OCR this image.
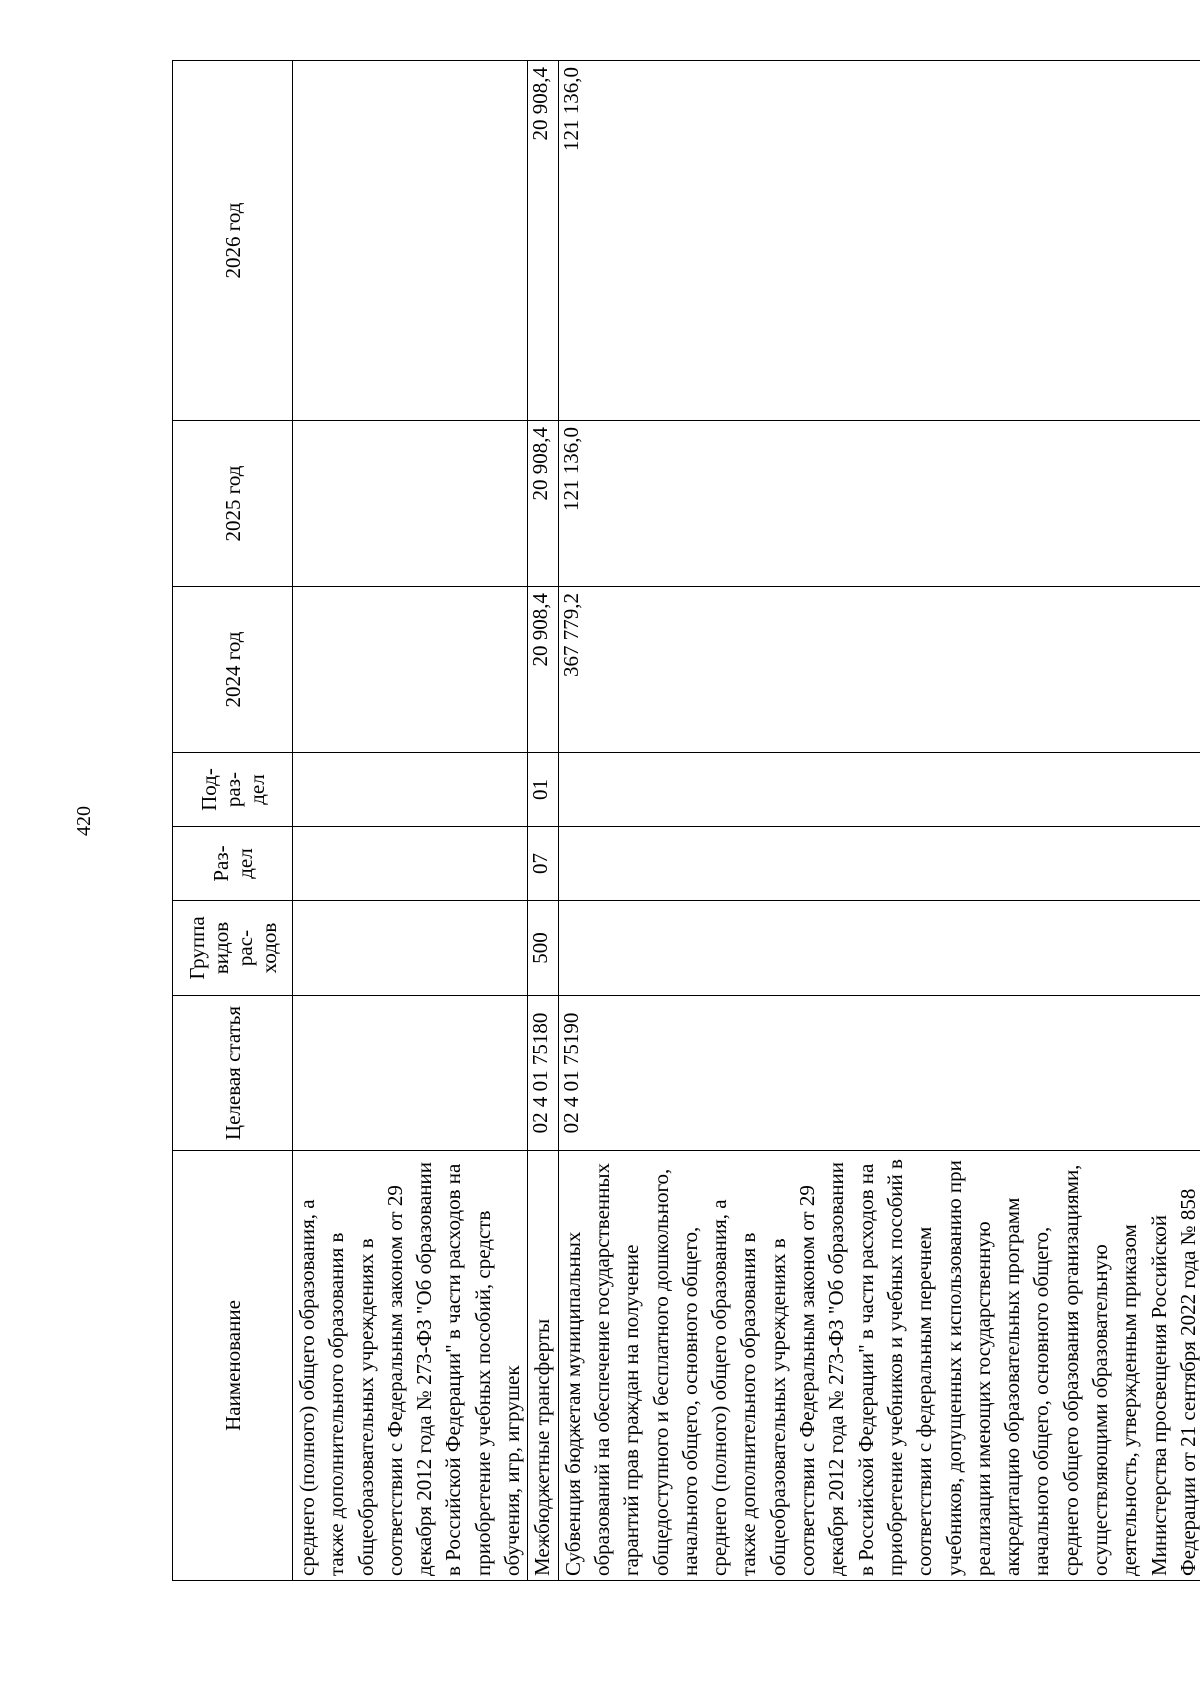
420
Наименование	Целевая статья	Группа видов рас-ходов	Раз-дел	Под-раз-дел	2024 год	2025 год	2026 год
среднего (полного) общего образования, а также дополнительного образования в общеобразовательных учреждениях в соответствии с Федеральным законом от 29 декабря 2012 года № 273-ФЗ "Об образовании в Российской Федерации" в части расходов на приобретение учебных пособий, средств обучения, игр, игрушек							
Межбюджетные трансферты	02 4 01 75180	500	07	01	20 908,4	20 908,4	20 908,4
Субвенция бюджетам муниципальных образований на обеспечение государственных гарантий прав граждан на получение общедоступного и бесплатного дошкольного, начального общего, основного общего, среднего (полного) общего образования, а также дополнительного образования в общеобразовательных учреждениях в соответствии с Федеральным законом от 29 декабря 2012 года № 273-ФЗ "Об образовании в Российской Федерации" в части расходов на приобретение учебников и учебных пособий в соответствии с федеральным перечнем учебников, допущенных к использованию при реализации имеющих государственную аккредитацию образовательных программ начального общего, основного общего, среднего общего образования организациями, осуществляющими образовательную деятельность, утвержденным приказом Министерства просвещения Российской Федерации от 21 сентября 2022 года № 858	02 4 01 75190				367 779,2	121 136,0	121 136,0
